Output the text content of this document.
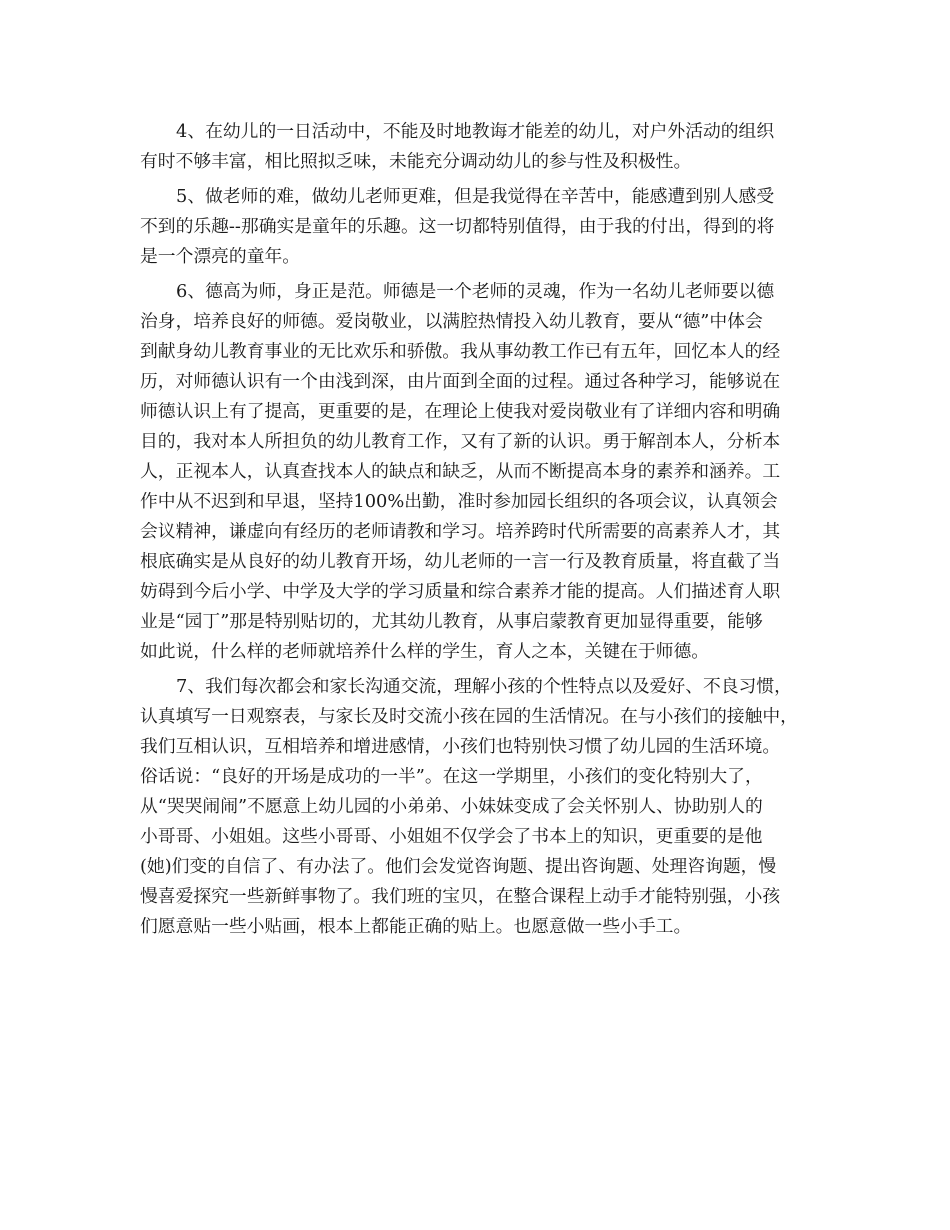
4、在幼儿的一日活动中，不能及时地教诲才能差的幼儿，对户外活动的组织
有时不够丰富，相比照拟乏味，未能充分调动幼儿的参与性及积极性。
5、做老师的难，做幼儿老师更难，但是我觉得在辛苦中，能感遭到别人感受
不到的乐趣--那确实是童年的乐趣。这一切都特别值得，由于我的付出，得到的将
是一个漂亮的童年。
6、德高为师，身正是范。师德是一个老师的灵魂，作为一名幼儿老师要以德
治身，培养良好的师德。爱岗敬业，以满腔热情投入幼儿教育，要从“德”中体会
到献身幼儿教育事业的无比欢乐和骄傲。我从事幼教工作已有五年，回忆本人的经
历，对师德认识有一个由浅到深，由片面到全面的过程。通过各种学习，能够说在
师德认识上有了提高，更重要的是，在理论上使我对爱岗敬业有了详细内容和明确
目的，我对本人所担负的幼儿教育工作，又有了新的认识。勇于解剖本人，分析本
人，正视本人，认真查找本人的缺点和缺乏，从而不断提高本身的素养和涵养。工
作中从不迟到和早退，坚持100%出勤，准时参加园长组织的各项会议，认真领会
会议精神，谦虚向有经历的老师请教和学习。培养跨时代所需要的高素养人才，其
根底确实是从良好的幼儿教育开场，幼儿老师的一言一行及教育质量，将直截了当
妨碍到今后小学、中学及大学的学习质量和综合素养才能的提高。人们描述育人职
业是“园丁”那是特别贴切的，尤其幼儿教育，从事启蒙教育更加显得重要，能够
如此说，什么样的老师就培养什么样的学生，育人之本，关键在于师德。
7、我们每次都会和家长沟通交流，理解小孩的个性特点以及爱好、不良习惯，
认真填写一日观察表，与家长及时交流小孩在园的生活情况。在与小孩们的接触中，
我们互相认识，互相培养和增进感情，小孩们也特别快习惯了幼儿园的生活环境。
俗话说：“良好的开场是成功的一半”。在这一学期里，小孩们的变化特别大了，
从“哭哭闹闹”不愿意上幼儿园的小弟弟、小妹妹变成了会关怀别人、协助别人的
小哥哥、小姐姐。这些小哥哥、小姐姐不仅学会了书本上的知识，更重要的是他
(她)们变的自信了、有办法了。他们会发觉咨询题、提出咨询题、处理咨询题，慢
慢喜爱探究一些新鲜事物了。我们班的宝贝，在整合课程上动手才能特别强，小孩
们愿意贴一些小贴画，根本上都能正确的贴上。也愿意做一些小手工。
